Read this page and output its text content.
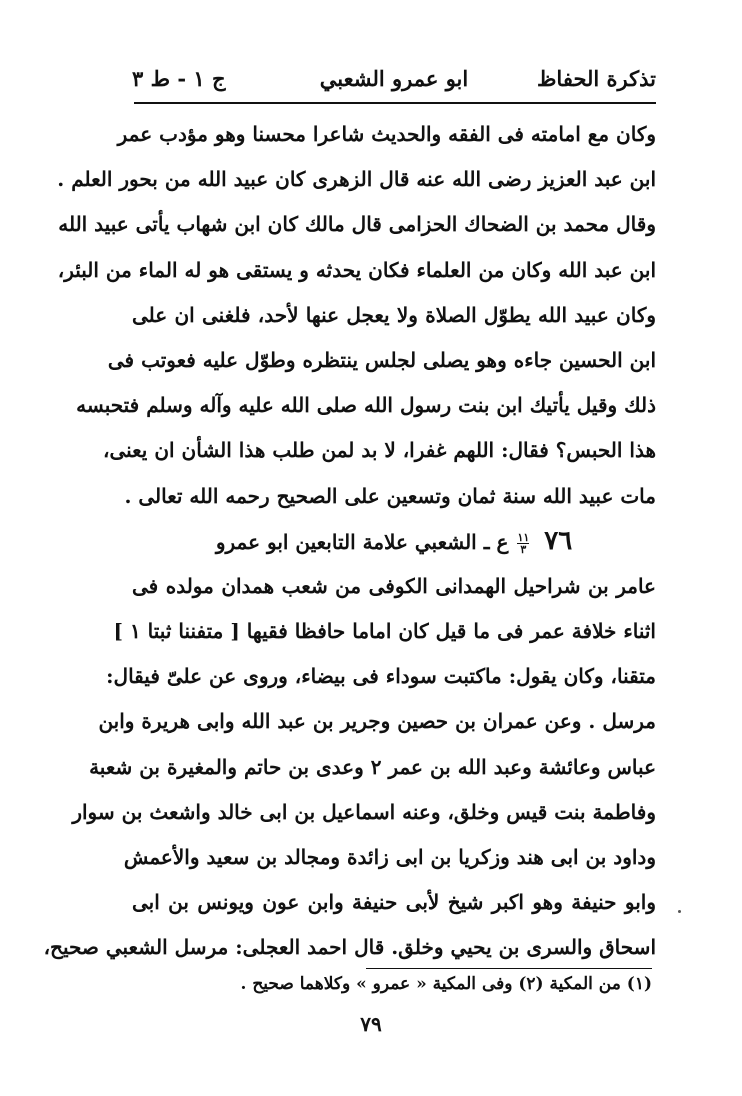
تذكرة الحفاظ
ابو عمرو الشعبي
ج ١ - ط ٣
وكان مع امامته فى الفقه والحديث شاعرا محسنا وهو مؤدب عمر
ابن عبد العزيز رضى الله عنه قال الزهرى كان عبيد الله من بحور العلم .
وقال محمد بن الضحاك الحزامى قال مالك كان ابن شهاب يأتى عبيد الله
ابن عبد الله وكان من العلماء فكان يحدثه و يستقى هو له الماء من البئر،
وكان عبيد الله يطوّل الصلاة ولا يعجل عنها لأحد، فلغنى ان على
ابن الحسين جاءه وهو يصلى لجلس ينتظره وطوّل عليه فعوتب فى
ذلك وقيل يأتيك ابن بنت رسول الله صلى الله عليه وآله وسلم فتحبسه
هذا الحبس؟ فقال: اللهم غفرا، لا بد لمن طلب هذا الشأن ان يعنى،
مات عبيد الله سنة ثمان وتسعين على الصحيح رحمه الله تعالى .
٧٦
$\frac{١١}{٣}$
ع ـ الشعبي علامة التابعين ابو عمرو
عامر بن شراحيل الهمدانى الكوفى من شعب همدان مولده فى
اثناء خلافة عمر فى ما قيل كان اماما حافظا فقيها [ متفننا ثبتا ١ ]
متقنا، وكان يقول: ماكتبت سوداء فى بيضاء، وروى عن علىّ فيقال:
مرسل . وعن عمران بن حصين وجرير بن عبد الله وابى هريرة وابن
عباس وعائشة وعبد الله بن عمر ٢ وعدى بن حاتم والمغيرة بن شعبة
وفاطمة بنت قيس وخلق، وعنه اسماعيل بن ابى خالد واشعث بن سوار
وداود بن ابى هند وزكريا بن ابى زائدة ومجالد بن سعيد والأعمش
وابو حنيفة وهو اكبر شيخ لأبى حنيفة وابن عون ويونس بن ابى
اسحاق والسرى بن يحيي وخلق. قال احمد العجلى: مرسل الشعبي صحيح،
(١) من المكية (٢) وفى المكية « عمرو » وكلاهما صحيح .
٧٩
